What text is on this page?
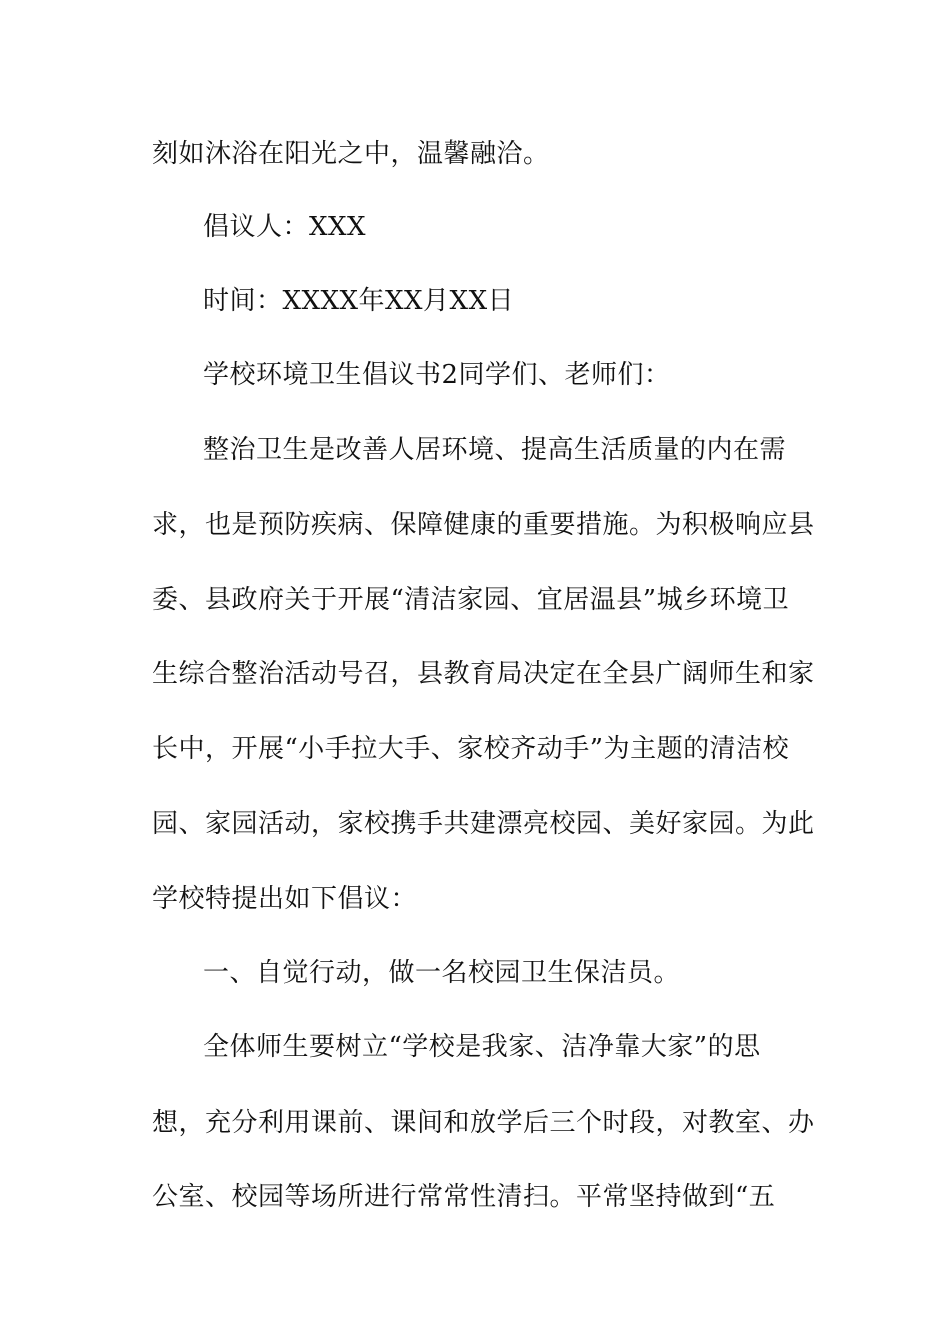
刻如沐浴在阳光之中，温馨融洽。
倡议人：XXX
时间：XXXX年XX月XX日
学校环境卫生倡议书2同学们、老师们：
整治卫生是改善人居环境、提高生活质量的内在需
求，也是预防疾病、保障健康的重要措施。为积极响应县
委、县政府关于开展“清洁家园、宜居温县”城乡环境卫
生综合整治活动号召，县教育局决定在全县广阔师生和家
长中，开展“小手拉大手、家校齐动手”为主题的清洁校
园、家园活动，家校携手共建漂亮校园、美好家园。为此
学校特提出如下倡议：
一、自觉行动，做一名校园卫生保洁员。
全体师生要树立“学校是我家、洁净靠大家”的思
想，充分利用课前、课间和放学后三个时段，对教室、办
公室、校园等场所进行常常性清扫。平常坚持做到“五
